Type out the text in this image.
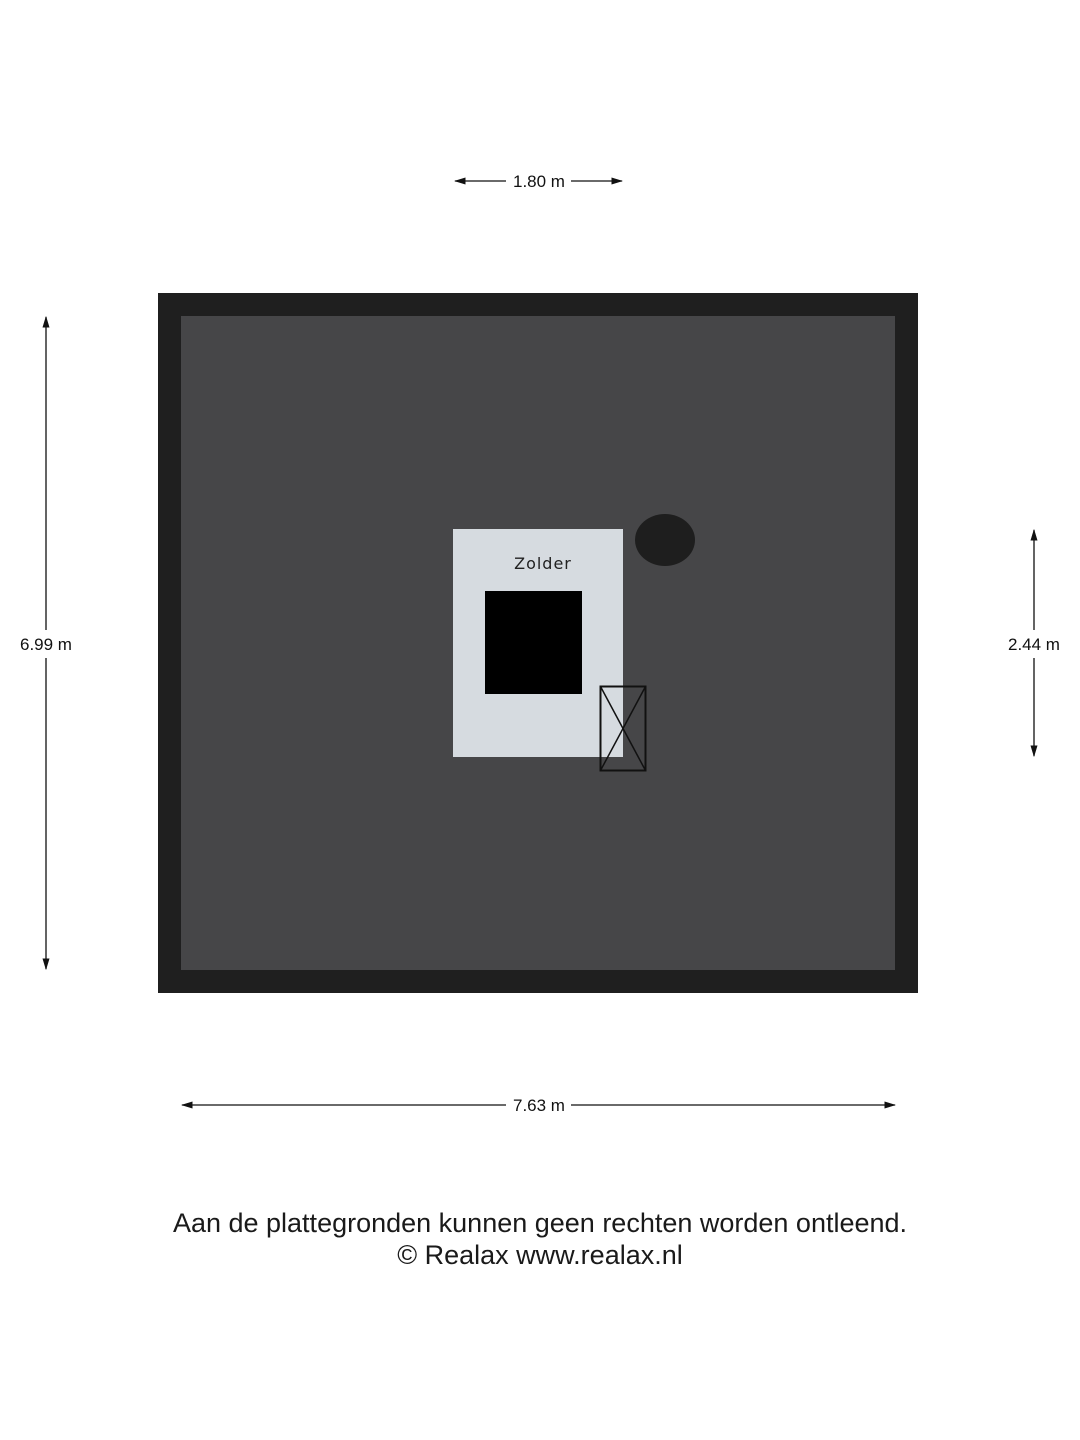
Zolder
1.80 m
6.99 m	2.44 m
7.63 m
Aan de plattegronden kunnen geen rechten worden ontleend.
© Realax www.realax.nl
